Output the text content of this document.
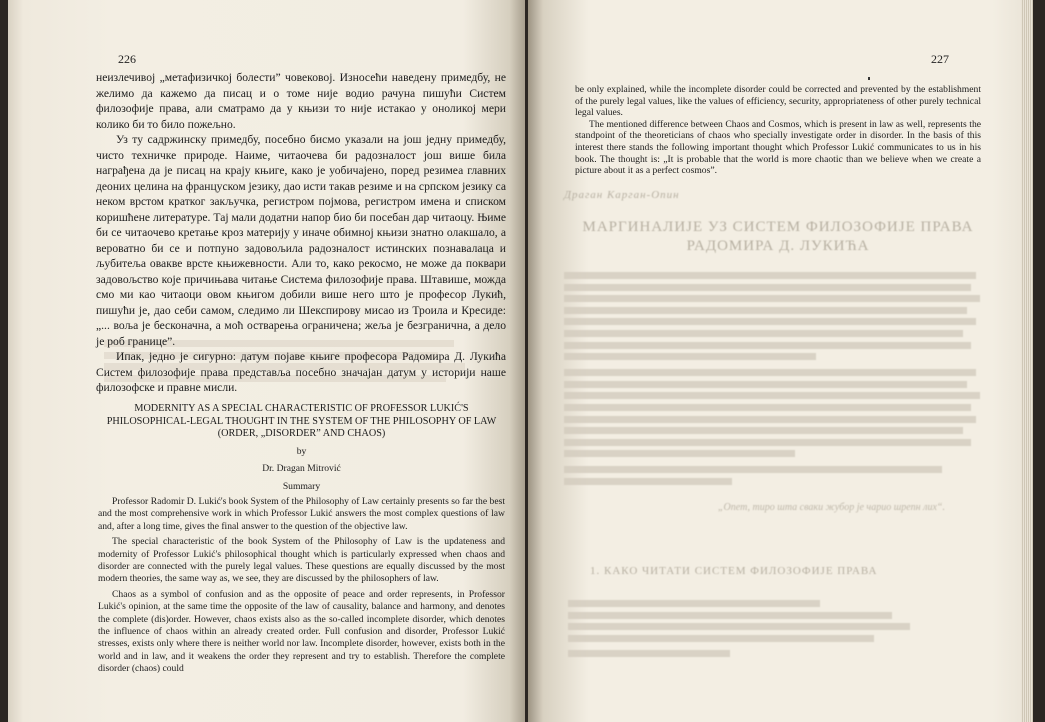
226

неизлечивој „метафизичкој болести” човековој. Износећи наведену примедбу, не желимо да кажемо да писац и о томе није водио рачуна пишући Систем филозофије права, али сматрамо да у књизи то није истакао у оноликој мери колико би то било пожељно.

Уз ту садржинску примедбу, посебно бисмо указали на још једну примедбу, чисто техничке природе. Наиме, читаочева би радозналост још више била награђена да је писац на крају књиге, како је уобичајено, поред резимеа главних деоних целина на француском језику, дао исти такав резиме и на српском језику са неком врстом кратког закључка, регистром појмова, регистром имена и списком коришћене литературе. Тај мали додатни напор био би посебан дар читаоцу. Њиме би се читаочево кретање кроз материју у иначе обимној књизи знатно олакшало, а вероватно би се и потпуно задовољила радозналост истинских познавалаца и љубитеља овакве врсте књижевности. Али то, како рекосмо, не може да поквари задовољство које причињава читање Система филозофије права. Штавише, можда смо ми као читаоци овом књигом добили више него што је професор Лукић, пишући је, дао себи самом, следимо ли Шекспирову мисао из Троила и Кресиде: „... воља је бесконачна, а моћ остварења ограничена; жеља је безгранична, а дело је роб границе”.

Ипак, једно је сигурно: датум појаве књиге професора Радомира Д. Лукића Систем филозофије права представља посебно значајан датум у историји наше филозофске и правне мисли.

MODERNITY AS A SPECIAL CHARACTERISTIC OF PROFESSOR LUKIĆ'S PHILOSOPHICAL-LEGAL THOUGHT IN THE SYSTEM OF THE PHILOSOPHY OF LAW (ORDER, „DISORDER” AND CHAOS)
by
Dr. Dragan Mitrović
Summary

Professor Radomir D. Lukić's book System of the Philosophy of Law certainly presents so far the best and the most comprehensive work in which Professor Lukić answers the most complex questions of law and, after a long time, gives the final answer to the question of the objective law.

The special characteristic of the book System of the Philosophy of Law is the updateness and modernity of Professor Lukić's philosophical thought which is particularly expressed when chaos and disorder are connected with the purely legal values. These questions are equally discussed by the most modern theories, the same way as, we see, they are discussed by the philosophers of law.

Chaos as a symbol of confusion and as the opposite of peace and order represents, in Professor Lukić's opinion, at the same time the opposite of the law of causality, balance and harmony, and denotes the complete (dis)order. However, chaos exists also as the so-called incomplete disorder, which denotes the influence of chaos within an already created order. Full confusion and disorder, Professor Lukić stresses, exists only where there is neither world nor law. Incomplete disorder, however, exists both in the world and in law, and it weakens the order they represent and try to establish. Therefore the complete disorder (chaos) could

227

be only explained, while the incomplete disorder could be corrected and prevented by the establishment of the purely legal values, like the values of efficiency, security, appropriateness of other purely technical legal values.

The mentioned difference between Chaos and Cosmos, which is present in law as well, represents the standpoint of the theoreticians of chaos who specially investigate order in disorder. In the basis of this interest there stands the following important thought which Professor Lukić communicates to us in his book. The thought is: „It is probable that the world is more chaotic than we believe when we create a picture about it as a perfect cosmos”.

Драган Карган-Опин
МАРГИНАЛИЈЕ УЗ СИСТЕМ ФИЛОЗОФИЈЕ ПРАВА РАДОМИРА Д. ЛУКИЋА
„Опет, тиро шта сваки жубор је чарио шрепн лих“.
1. КАКО ЧИТАТИ СИСТЕМ ФИЛОЗОФИЈЕ ПРАВА
